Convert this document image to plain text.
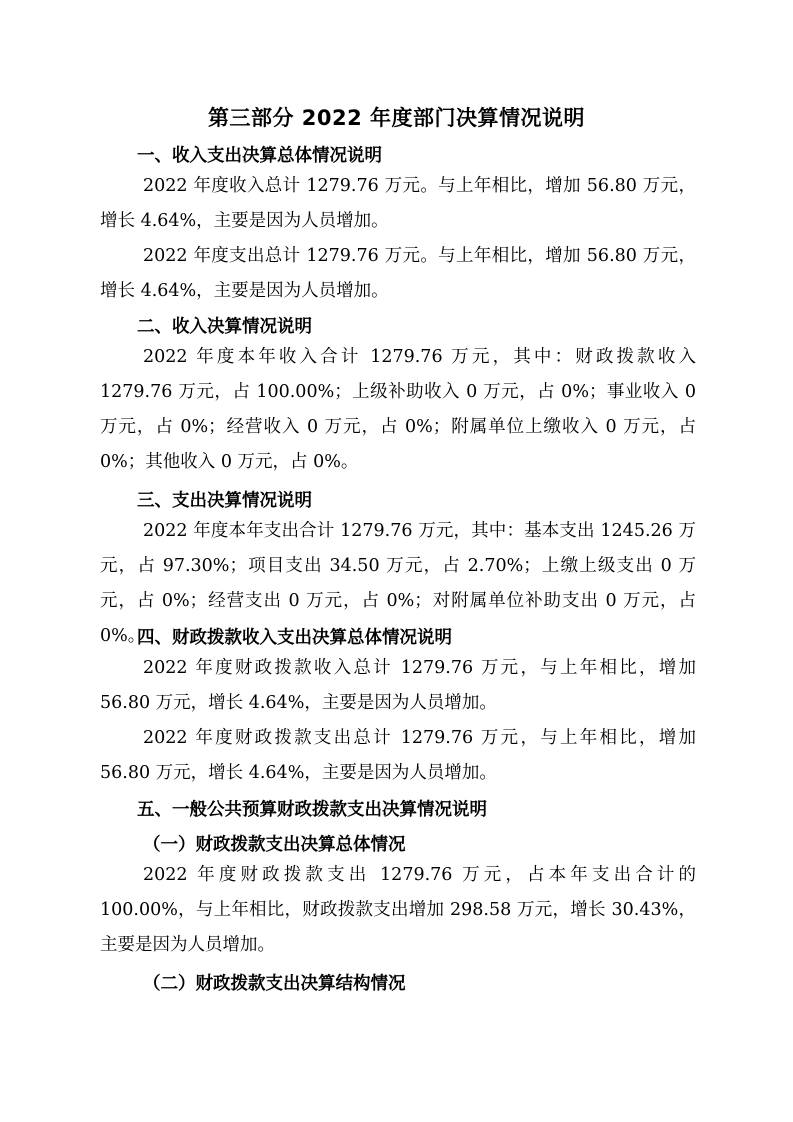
第三部分 2022 年度部门决算情况说明
一、收入支出决算总体情况说明
2022 年度收入总计 1279.76 万元。与上年相比，增加 56.80 万元，增长 4.64%，主要是因为人员增加。
2022 年度支出总计 1279.76 万元。与上年相比，增加 56.80 万元，增长 4.64%，主要是因为人员增加。
二、收入决算情况说明
2022 年度本年收入合计 1279.76 万元，其中：财政拨款收入 1279.76 万元，占 100.00%；上级补助收入 0 万元，占 0%；事业收入 0 万元，占 0%；经营收入 0 万元，占 0%；附属单位上缴收入 0 万元，占 0%；其他收入 0 万元，占 0%。
三、支出决算情况说明
2022 年度本年支出合计 1279.76 万元，其中：基本支出 1245.26 万元，占 97.30%；项目支出 34.50 万元，占 2.70%；上缴上级支出 0 万元，占 0%；经营支出 0 万元，占 0%；对附属单位补助支出 0 万元，占 0%。
四、财政拨款收入支出决算总体情况说明
2022 年度财政拨款收入总计 1279.76 万元，与上年相比，增加 56.80 万元，增长 4.64%，主要是因为人员增加。
2022 年度财政拨款支出总计 1279.76 万元，与上年相比，增加 56.80 万元，增长 4.64%，主要是因为人员增加。
五、一般公共预算财政拨款支出决算情况说明
（一）财政拨款支出决算总体情况
2022 年度财政拨款支出 1279.76 万元，占本年支出合计的 100.00%，与上年相比，财政拨款支出增加 298.58 万元，增长 30.43%，主要是因为人员增加。
（二）财政拨款支出决算结构情况
